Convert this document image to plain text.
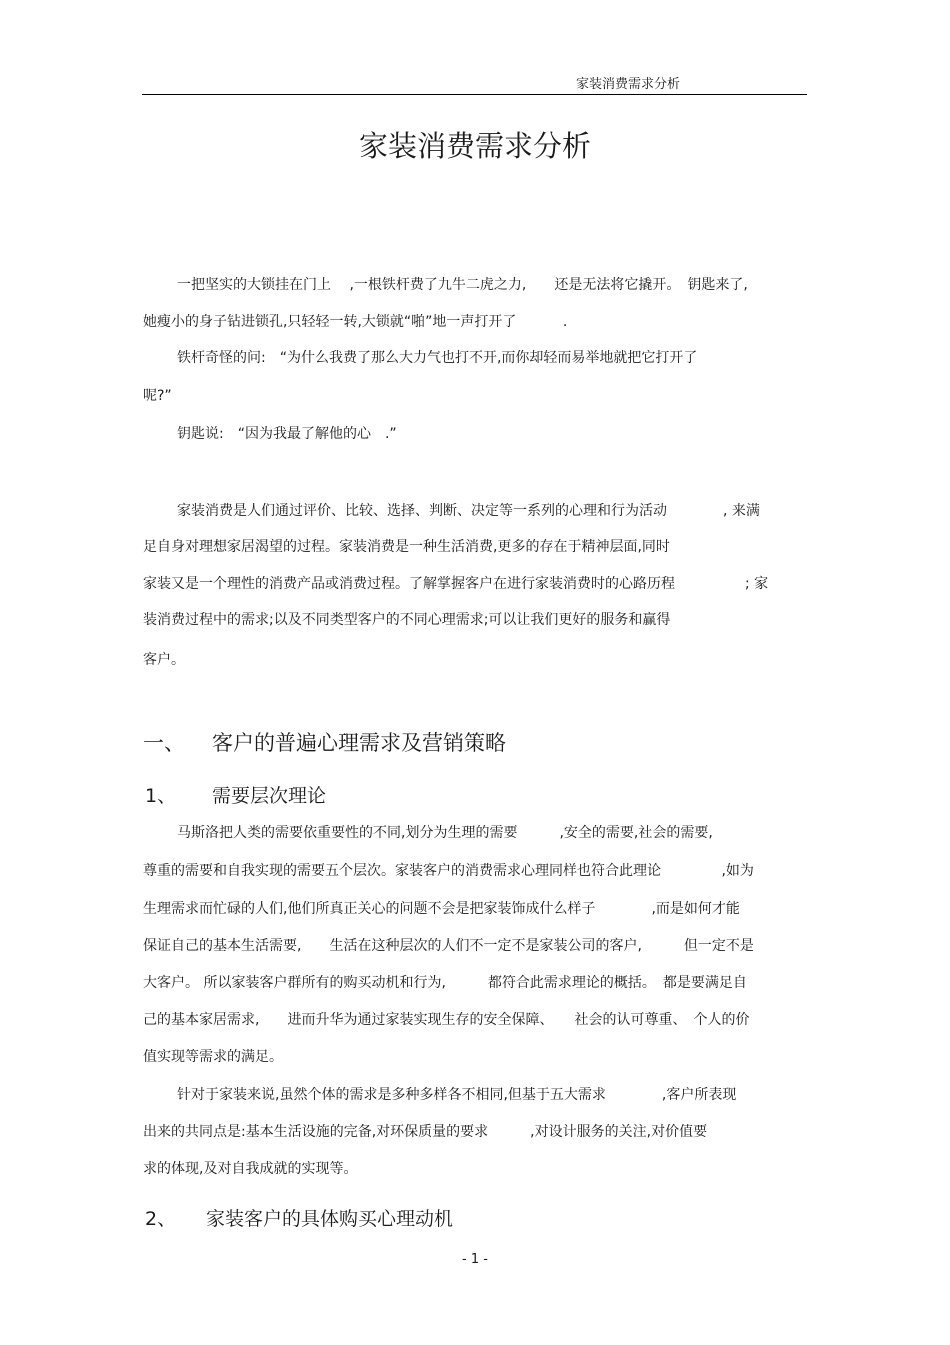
家装消费需求分析
家装消费需求分析
一把坚实的大锁挂在门上　 ,一根铁杆费了九牛二虎之力,　　还是无法将它撬开。　钥匙来了,
她瘦小的身子钻进锁孔,只轻轻一转,大锁就“啪”地一声打开了　　　 .
铁杆奇怪的问:　“为什么我费了那么大力气也打不开,而你却轻而易举地就把它打开了
呢?”
钥匙说:　“因为我最了解他的心　.”
家装消费是人们通过评价、比较、选择、判断、决定等一系列的心理和行为活动　　　　, 来满
足自身对理想家居渴望的过程。家装消费是一种生活消费,更多的存在于精神层面,同时
家装又是一个理性的消费产品或消费过程。了解掌握客户在进行家装消费时的心路历程　　　　　; 家
装消费过程中的需求;以及不同类型客户的不同心理需求;可以让我们更好的服务和赢得
客户。
一、 客户的普遍心理需求及营销策略
1、 需要层次理论
马斯洛把人类的需要依重要性的不同,划分为生理的需要　　　,安全的需要,社会的需要,
尊重的需要和自我实现的需要五个层次。家装客户的消费需求心理同样也符合此理论　　　　 ,如为
生理需求而忙碌的人们,他们所真正关心的问题不会是把家装饰成什么样子　　　　,而是如何才能
保证自己的基本生活需要,　　生活在这种层次的人们不一定不是家装公司的客户,　　　但一定不是
大客户。 所以家装客户群所有的购买动机和行为,　　　都符合此需求理论的概括。　都是要满足自
己的基本家居需求,　　进而升华为通过家装实现生存的安全保障、　　社会的认可尊重、　个人的价
值实现等需求的满足。
针对于家装来说,虽然个体的需求是多种多样各不相同,但基于五大需求　　　　,客户所表现
出来的共同点是:基本生活设施的完备,对环保质量的要求　　　,对设计服务的关注,对价值要
求的体现,及对自我成就的实现等。
2、 家装客户的具体购买心理动机
- 1 -
